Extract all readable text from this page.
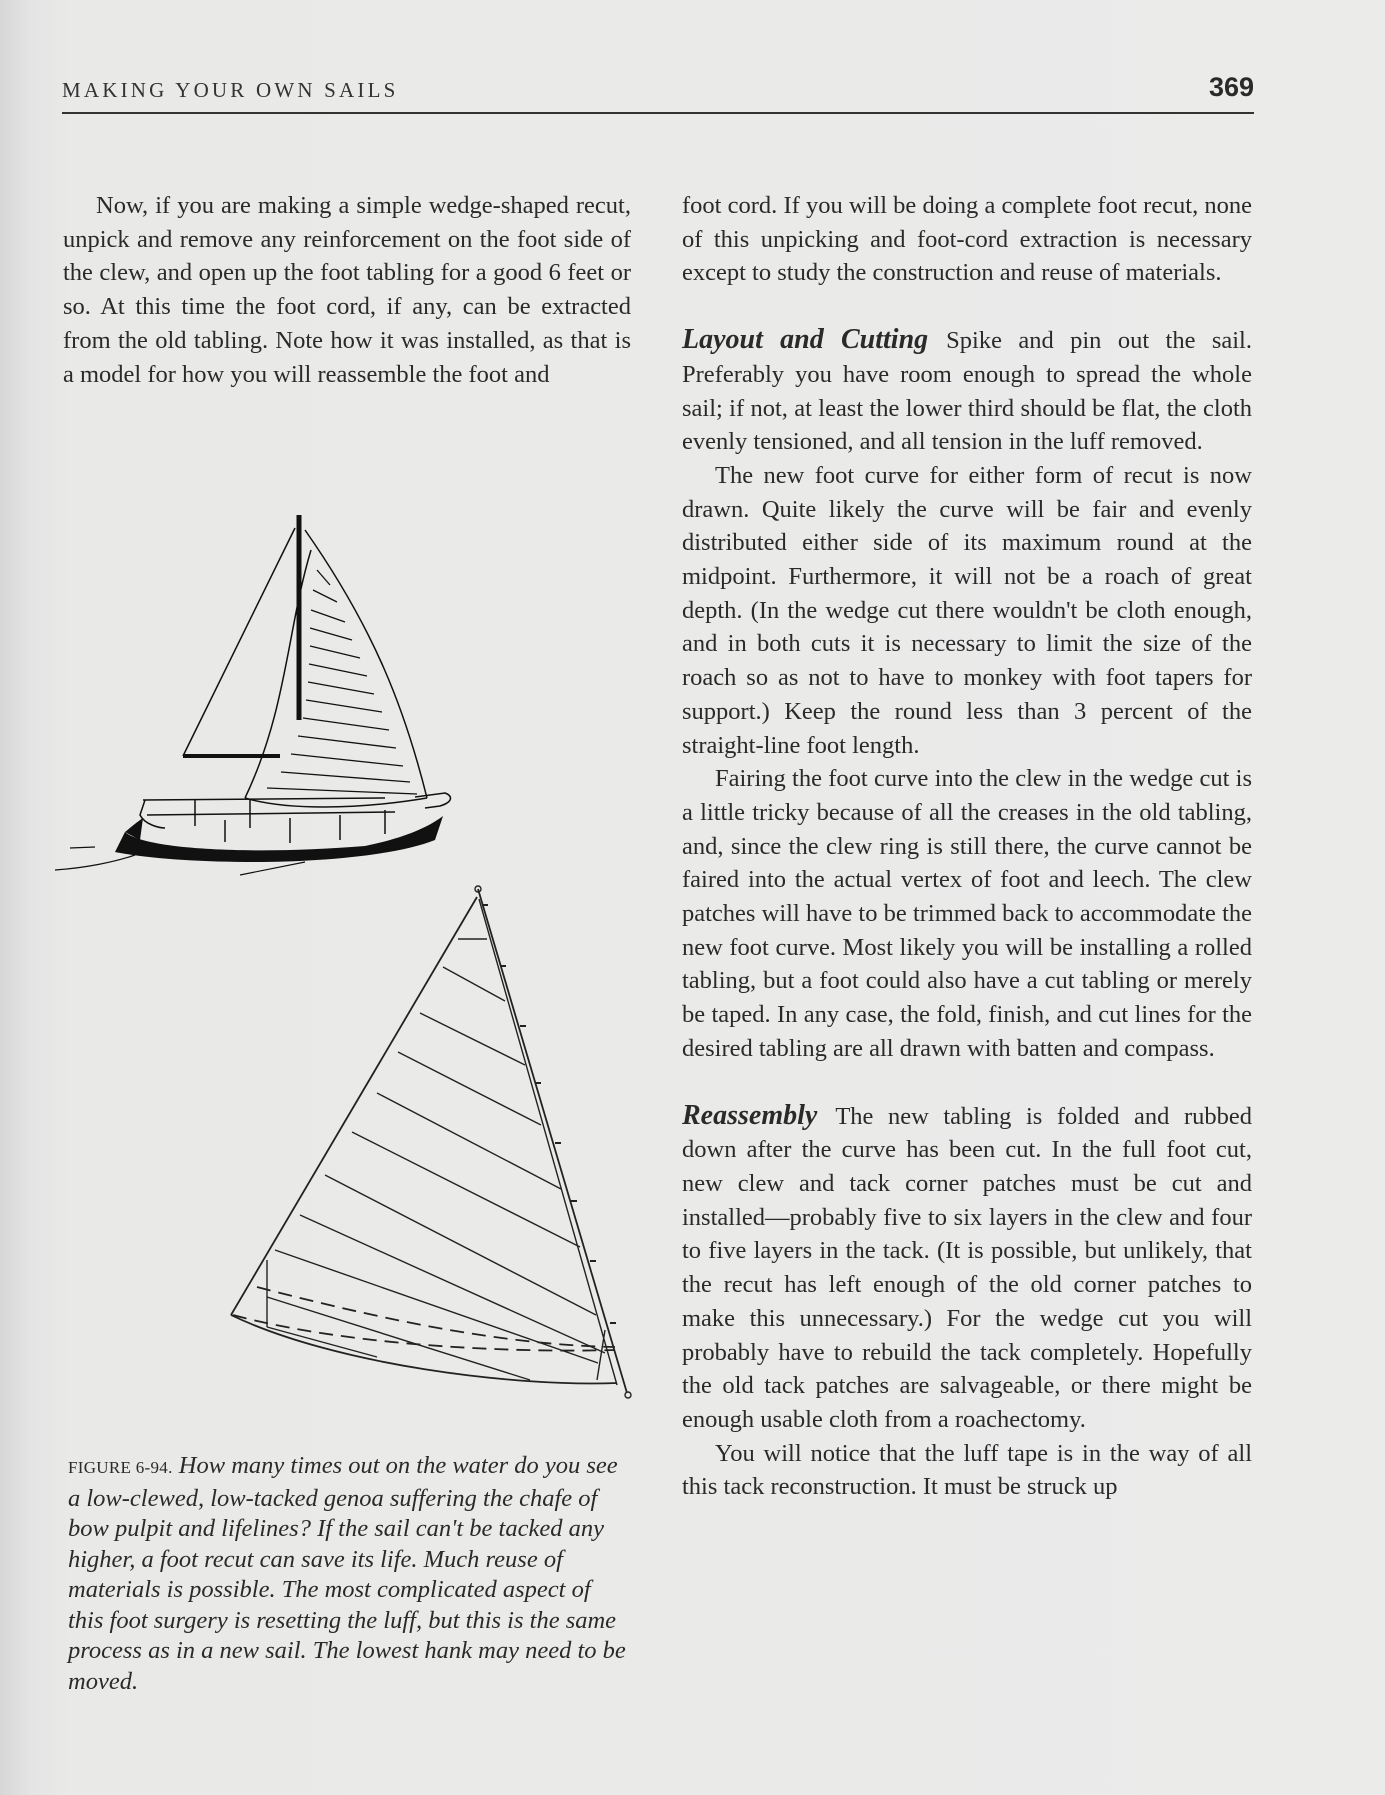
MAKING YOUR OWN SAILS	369

Now, if you are making a simple wedge-shaped recut, unpick and remove any reinforcement on the foot side of the clew, and open up the foot tabling for a good 6 feet or so. At this time the foot cord, if any, can be extracted from the old tabling. Note how it was installed, as that is a model for how you will reassemble the foot and

FIGURE 6-94. How many times out on the water do you see a low-clewed, low-tacked genoa suffering the chafe of bow pulpit and lifelines? If the sail can't be tacked any higher, a foot recut can save its life. Much reuse of materials is possible. The most complicated aspect of this foot surgery is resetting the luff, but this is the same process as in a new sail. The lowest hank may need to be moved.

foot cord. If you will be doing a complete foot recut, none of this unpicking and foot-cord extraction is necessary except to study the construction and reuse of materials.

Layout and Cutting Spike and pin out the sail. Preferably you have room enough to spread the whole sail; if not, at least the lower third should be flat, the cloth evenly tensioned, and all tension in the luff removed.

The new foot curve for either form of recut is now drawn. Quite likely the curve will be fair and evenly distributed either side of its maximum round at the midpoint. Furthermore, it will not be a roach of great depth. (In the wedge cut there wouldn't be cloth enough, and in both cuts it is necessary to limit the size of the roach so as not to have to monkey with foot tapers for support.) Keep the round less than 3 percent of the straight-line foot length.

Fairing the foot curve into the clew in the wedge cut is a little tricky because of all the creases in the old tabling, and, since the clew ring is still there, the curve cannot be faired into the actual vertex of foot and leech. The clew patches will have to be trimmed back to accommodate the new foot curve. Most likely you will be installing a rolled tabling, but a foot could also have a cut tabling or merely be taped. In any case, the fold, finish, and cut lines for the desired tabling are all drawn with batten and compass.

Reassembly The new tabling is folded and rubbed down after the curve has been cut. In the full foot cut, new clew and tack corner patches must be cut and installed—probably five to six layers in the clew and four to five layers in the tack. (It is possible, but unlikely, that the recut has left enough of the old corner patches to make this unnecessary.) For the wedge cut you will probably have to rebuild the tack completely. Hopefully the old tack patches are salvageable, or there might be enough usable cloth from a roachectomy.

You will notice that the luff tape is in the way of all this tack reconstruction. It must be struck up
